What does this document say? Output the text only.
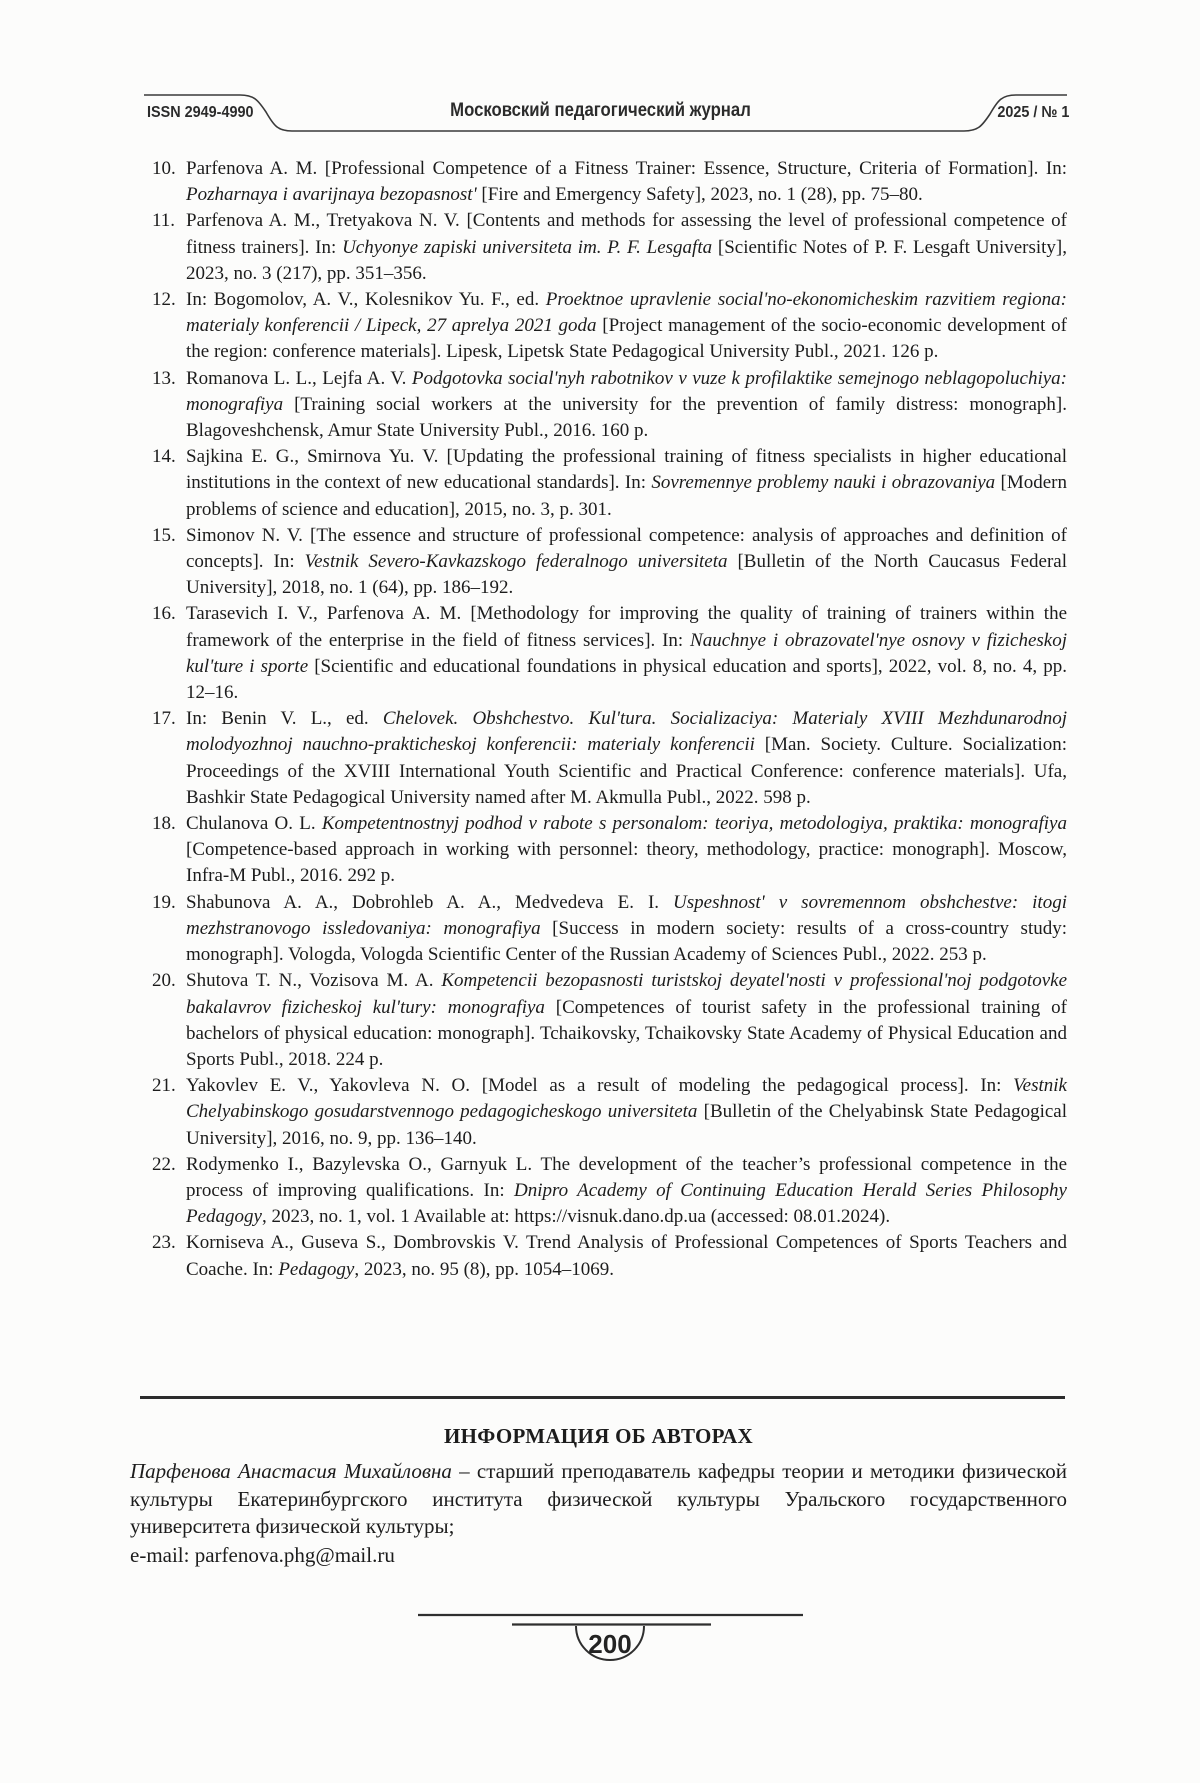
ISSN 2949-4990	Московский педагогический журнал	2025 / № 1
10. Parfenova A. M. [Professional Competence of a Fitness Trainer: Essence, Structure, Criteria of Formation]. In: Pozharnaya i avarijnaya bezopasnost' [Fire and Emergency Safety], 2023, no. 1 (28), pp. 75–80.
11. Parfenova A. M., Tretyakova N. V. [Contents and methods for assessing the level of professional competence of fitness trainers]. In: Uchyonye zapiski universiteta im. P. F. Lesgafta [Scientific Notes of P. F. Lesgaft University], 2023, no. 3 (217), pp. 351–356.
12. In: Bogomolov, A. V., Kolesnikov Yu. F., ed. Proektnoe upravlenie social'no-ekonomicheskim razvitiem regiona: materialy konferencii / Lipeck, 27 aprelya 2021 goda [Project management of the socio-economic development of the region: conference materials]. Lipesk, Lipetsk State Pedagogical University Publ., 2021. 126 p.
13. Romanova L. L., Lejfa A. V. Podgotovka social'nyh rabotnikov v vuze k profilaktike semejnogo neblagopoluchiya: monografiya [Training social workers at the university for the prevention of family distress: monograph]. Blagoveshchensk, Amur State University Publ., 2016. 160 p.
14. Sajkina E. G., Smirnova Yu. V. [Updating the professional training of fitness specialists in higher educational institutions in the context of new educational standards]. In: Sovremennye problemy nauki i obrazovaniya [Modern problems of science and education], 2015, no. 3, p. 301.
15. Simonov N. V. [The essence and structure of professional competence: analysis of approaches and definition of concepts]. In: Vestnik Severo-Kavkazskogo federalnogo universiteta [Bulletin of the North Caucasus Federal University], 2018, no. 1 (64), pp. 186–192.
16. Tarasevich I. V., Parfenova A. M. [Methodology for improving the quality of training of trainers within the framework of the enterprise in the field of fitness services]. In: Nauchnye i obrazovatel'nye osnovy v fizicheskoj kul'ture i sporte [Scientific and educational foundations in physical education and sports], 2022, vol. 8, no. 4, pp. 12–16.
17. In: Benin V. L., ed. Chelovek. Obshchestvo. Kul'tura. Socializaciya: Materialy XVIII Mezhdunarodnoj molodyozhnoj nauchno-prakticheskoj konferencii: materialy konferencii [Man. Society. Culture. Socialization: Proceedings of the XVIII International Youth Scientific and Practical Conference: conference materials]. Ufa, Bashkir State Pedagogical University named after M. Akmulla Publ., 2022. 598 p.
18. Chulanova O. L. Kompetentnostnyj podhod v rabote s personalom: teoriya, metodologiya, praktika: monografiya [Competence-based approach in working with personnel: theory, methodology, practice: monograph]. Moscow, Infra-M Publ., 2016. 292 p.
19. Shabunova A. A., Dobrohleb A. A., Medvedeva E. I. Uspeshnost' v sovremennom obshchestve: itogi mezhstranovogo issledovaniya: monografiya [Success in modern society: results of a cross-country study: monograph]. Vologda, Vologda Scientific Center of the Russian Academy of Sciences Publ., 2022. 253 p.
20. Shutova T. N., Vozisova M. A. Kompetencii bezopasnosti turistskoj deyatel'nosti v professional'noj podgotovke bakalavrov fizicheskoj kul'tury: monografiya [Competences of tourist safety in the professional training of bachelors of physical education: monograph]. Tchaikovsky, Tchaikovsky State Academy of Physical Education and Sports Publ., 2018. 224 p.
21. Yakovlev E. V., Yakovleva N. O. [Model as a result of modeling the pedagogical process]. In: Vestnik Chelyabinskogo gosudarstvennogo pedagogicheskogo universiteta [Bulletin of the Chelyabinsk State Pedagogical University], 2016, no. 9, pp. 136–140.
22. Rodymenko I., Bazylevska O., Garnyuk L. The development of the teacher’s professional competence in the process of improving qualifications. In: Dnipro Academy of Continuing Education Herald Series Philosophy Pedagogy, 2023, no. 1, vol. 1 Available at: https://visnuk.dano.dp.ua (accessed: 08.01.2024).
23. Korniseva A., Guseva S., Dombrovskis V. Trend Analysis of Professional Competences of Sports Teachers and Coache. In: Pedagogy, 2023, no. 95 (8), pp. 1054–1069.
ИНФОРМАЦИЯ ОБ АВТОРАХ

Парфенова Анастасия Михайловна – старший преподаватель кафедры теории и методики физической культуры Екатеринбургского института физической культуры Уральского государственного университета физической культуры;

e-mail: parfenova.phg@mail.ru
200
